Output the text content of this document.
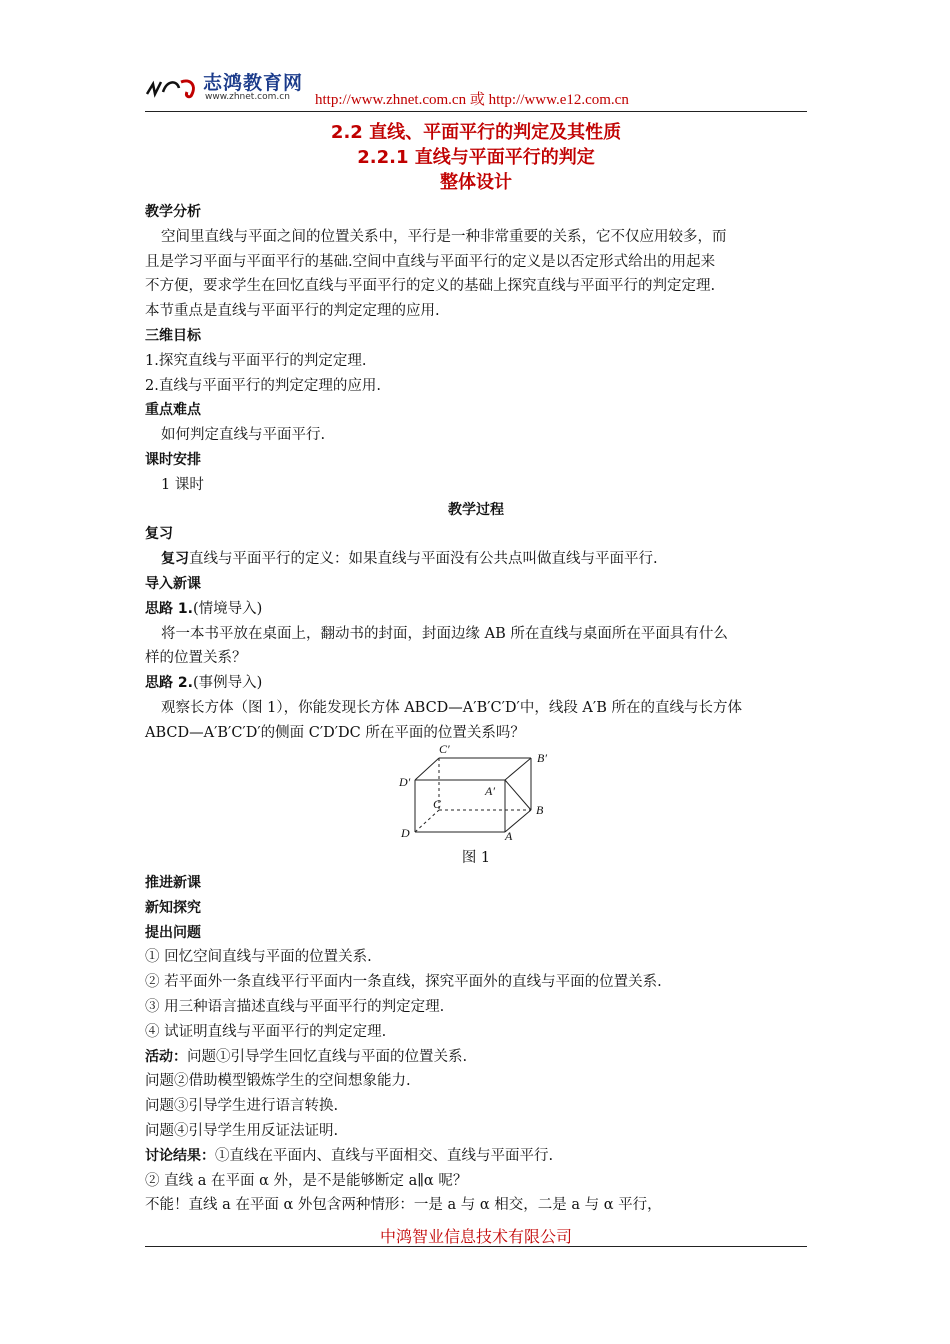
志鸿教育网
www.zhnet.com.cn http://www.zhnet.com.cn 或 http://www.e12.com.cn
2.2 直线、平面平行的判定及其性质
2.2.1 直线与平面平行的判定
整体设计
教学分析
空间里直线与平面之间的位置关系中，平行是一种非常重要的关系，它不仅应用较多，而
且是学习平面与平面平行的基础.空间中直线与平面平行的定义是以否定形式给出的用起来
不方便，要求学生在回忆直线与平面平行的定义的基础上探究直线与平面平行的判定定理.
本节重点是直线与平面平行的判定定理的应用.
三维目标
1.探究直线与平面平行的判定定理.
2.直线与平面平行的判定定理的应用.
重点难点
如何判定直线与平面平行.
课时安排
1 课时
教学过程
复习
复习直线与平面平行的定义：如果直线与平面没有公共点叫做直线与平面平行.
导入新课
思路 1.(情境导入)
将一本书平放在桌面上，翻动书的封面，封面边缘 AB 所在直线与桌面所在平面具有什么
样的位置关系？
思路 2.(事例导入)
观察长方体（图 1），你能发现长方体 ABCD—A′B′C′D′中，线段 A′B 所在的直线与长方体
ABCD—A′B′C′D′的侧面 C′D′DC 所在平面的位置关系吗？
C′
B′
D′
A′
C	B
D	A
图 1
推进新课
新知探究
提出问题
① 回忆空间直线与平面的位置关系.
② 若平面外一条直线平行平面内一条直线，探究平面外的直线与平面的位置关系.
③ 用三种语言描述直线与平面平行的判定定理.
④ 试证明直线与平面平行的判定定理.
活动：问题①引导学生回忆直线与平面的位置关系.
问题②借助模型锻炼学生的空间想象能力.
问题③引导学生进行语言转换.
问题④引导学生用反证法证明.
讨论结果：①直线在平面内、直线与平面相交、直线与平面平行.
② 直线 a 在平面 α 外，是不是能够断定 a∥α 呢？
不能！直线 a 在平面 α 外包含两种情形：一是 a 与 α 相交，二是 a 与 α 平行，
中鸿智业信息技术有限公司
